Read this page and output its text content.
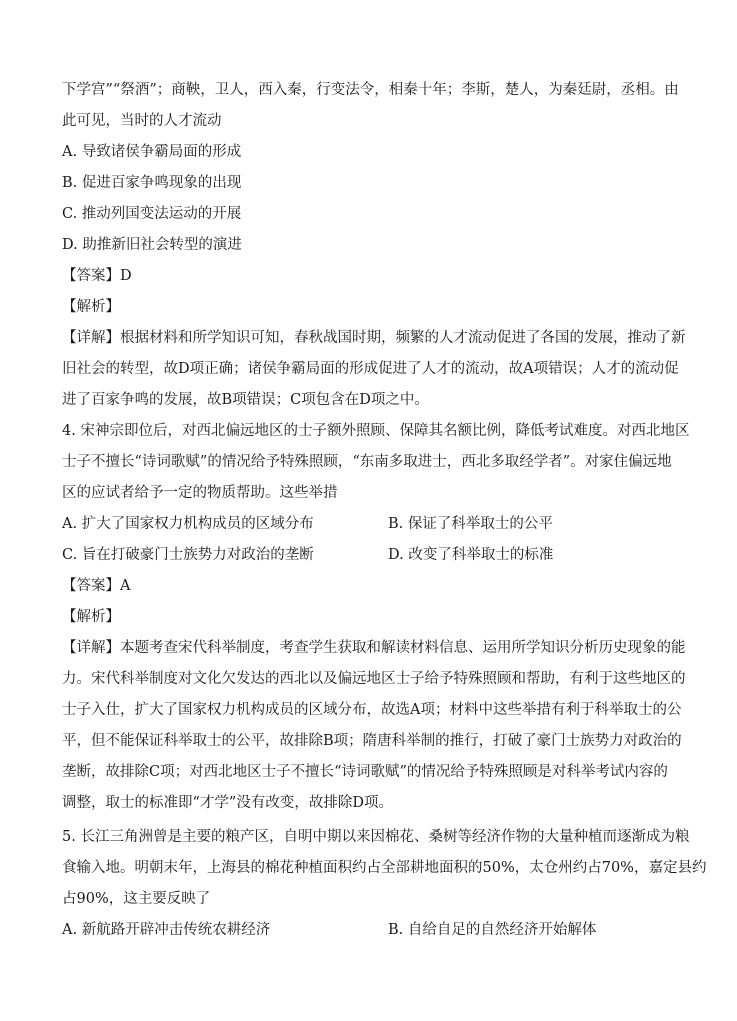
下学宫”“祭酒”；商鞅，卫人，西入秦，行变法令，相秦十年；李斯，楚人，为秦廷尉，丞相。由
此可见，当时的人才流动
A. 导致诸侯争霸局面的形成
B. 促进百家争鸣现象的出现
C. 推动列国变法运动的开展
D. 助推新旧社会转型的演进
【答案】D
【解析】
【详解】根据材料和所学知识可知，春秋战国时期，频繁的人才流动促进了各国的发展，推动了新
旧社会的转型，故D项正确；诸侯争霸局面的形成促进了人才的流动，故A项错误；人才的流动促
进了百家争鸣的发展，故B项错误；C项包含在D项之中。
4. 宋神宗即位后，对西北偏远地区的士子额外照顾、保障其名额比例，降低考试难度。对西北地区
士子不擅长“诗词歌赋”的情况给予特殊照顾，“东南多取进士，西北多取经学者”。对家住偏远地
区的应试者给予一定的物质帮助。这些举措
A. 扩大了国家权力机构成员的区域分布	B. 保证了科举取士的公平
C. 旨在打破豪门士族势力对政治的垄断	D. 改变了科举取士的标准
【答案】A
【解析】
【详解】本题考查宋代科举制度，考查学生获取和解读材料信息、运用所学知识分析历史现象的能
力。宋代科举制度对文化欠发达的西北以及偏远地区士子给予特殊照顾和帮助，有利于这些地区的
士子入仕，扩大了国家权力机构成员的区域分布，故选A项；材料中这些举措有利于科举取士的公
平，但不能保证科举取士的公平，故排除B项；隋唐科举制的推行，打破了豪门士族势力对政治的
垄断，故排除C项；对西北地区士子不擅长“诗词歌赋”的情况给予特殊照顾是对科举考试内容的
调整，取士的标准即“才学”没有改变，故排除D项。
5. 长江三角洲曾是主要的粮产区，自明中期以来因棉花、桑树等经济作物的大量种植而逐渐成为粮
食输入地。明朝末年，上海县的棉花种植面积约占全部耕地面积的50%，太仓州约占70%，嘉定县约
占90%，这主要反映了
A. 新航路开辟冲击传统农耕经济	B. 自给自足的自然经济开始解体
